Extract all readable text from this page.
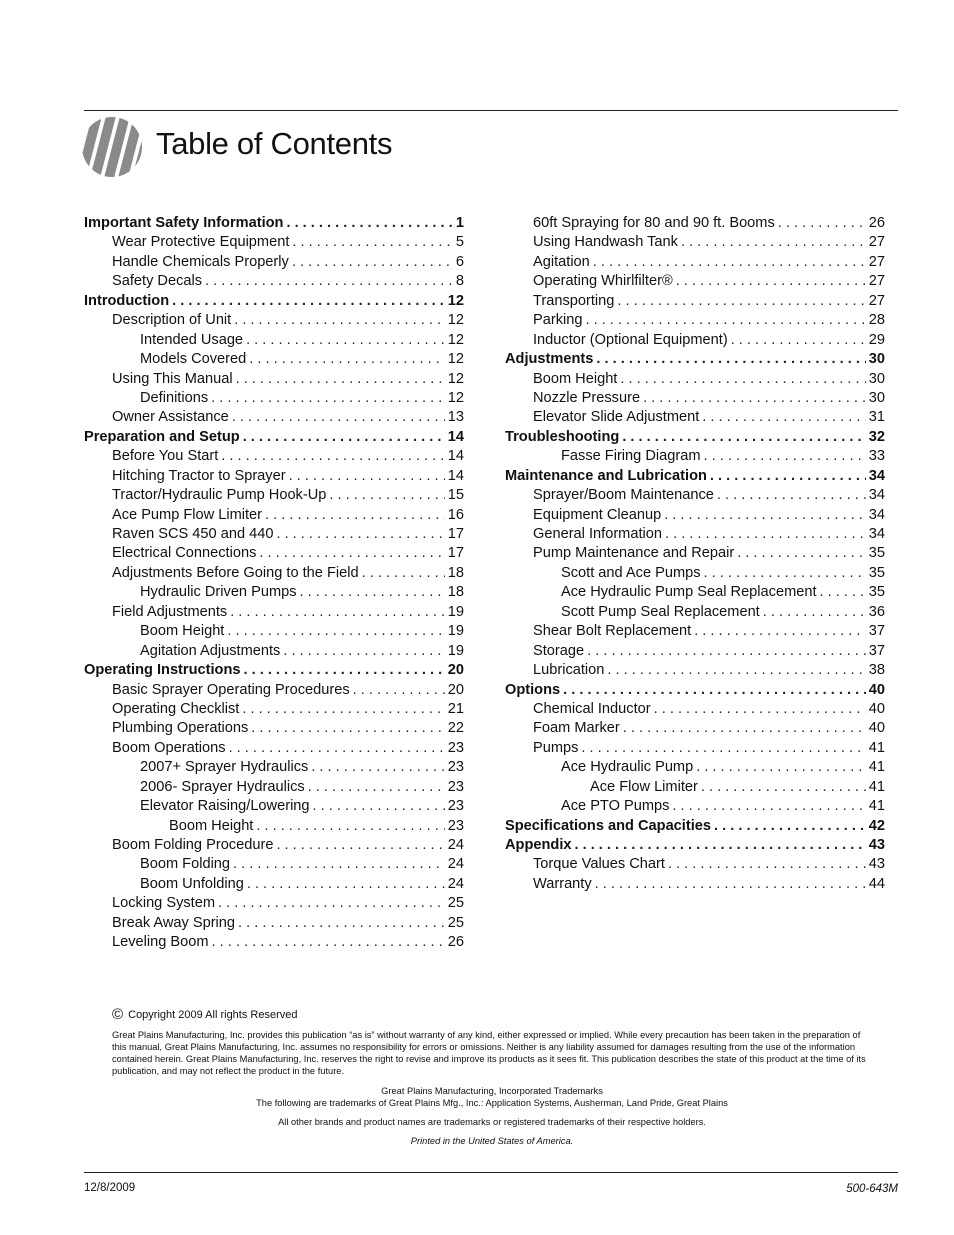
Table of Contents
Important Safety Information . . .	1
Wear Protective Equipment . . .	5
Handle Chemicals Properly . . .	6
Safety Decals . . .	8
Introduction . . .	12
Description of Unit . . .	12
Intended Usage . . .	12
Models Covered . . .	12
Using This Manual . . .	12
Definitions . . .	12
Owner Assistance . . .	13
Preparation and Setup . . .	14
Before You Start . . .	14
Hitching Tractor to Sprayer . . .	14
Tractor/Hydraulic Pump Hook-Up . . .	15
Ace Pump Flow Limiter . . .	16
Raven SCS 450 and 440 . . .	17
Electrical Connections . . .	17
Adjustments Before Going to the Field . . .	18
Hydraulic Driven Pumps . . .	18
Field Adjustments . . .	19
Boom Height . . .	19
Agitation Adjustments . . .	19
Operating Instructions . . .	20
Basic Sprayer Operating Procedures . . .	20
Operating Checklist . . .	21
Plumbing Operations . . .	22
Boom Operations . . .	23
2007+ Sprayer Hydraulics . . .	23
2006- Sprayer Hydraulics . . .	23
Elevator Raising/Lowering . . .	23
Boom Height . . .	23
Boom Folding Procedure . . .	24
Boom Folding . . .	24
Boom Unfolding . . .	24
Locking System . . .	25
Break Away Spring . . .	25
Leveling Boom . . .	26
60ft Spraying for 80 and 90 ft. Booms . . .	26
Using Handwash Tank . . .	27
Agitation . . .	27
Operating Whirlfilter® . . .	27
Transporting . . .	27
Parking . . .	28
Inductor (Optional Equipment) . . .	29
Adjustments . . .	30
Boom Height . . .	30
Nozzle Pressure . . .	30
Elevator Slide Adjustment . . .	31
Troubleshooting . . .	32
Fasse Firing Diagram . . .	33
Maintenance and Lubrication . . .	34
Sprayer/Boom Maintenance . . .	34
Equipment Cleanup . . .	34
General Information . . .	34
Pump Maintenance and Repair . . .	35
Scott and Ace Pumps . . .	35
Ace Hydraulic Pump Seal Replacement . . .	35
Scott Pump Seal Replacement . . .	36
Shear Bolt Replacement . . .	37
Storage . . .	37
Lubrication . . .	38
Options . . .	40
Chemical Inductor . . .	40
Foam Marker . . .	40
Pumps . . .	41
Ace Hydraulic Pump . . .	41
Ace Flow Limiter . . .	41
Ace PTO Pumps . . .	41
Specifications and Capacities . . .	42
Appendix . . .	43
Torque Values Chart . . .	43
Warranty . . .	44
© Copyright 2009 All rights Reserved
Great Plains Manufacturing, Inc. provides this publication “as is” without warranty of any kind, either expressed or implied. While every precaution has been taken in the preparation of this manual, Great Plains Manufacturing, Inc. assumes no responsibility for errors or omissions. Neither is any liability assumed for damages resulting from the use of the information contained herein. Great Plains Manufacturing, Inc. reserves the right to revise and improve its products as it sees fit. This publication describes the state of this product at the time of its publication, and may not reflect the product in the future.
Great Plains Manufacturing, Incorporated Trademarks
The following are trademarks of Great Plains Mfg., Inc.: Application Systems, Ausherman, Land Pride, Great Plains
All other brands and product names are trademarks or registered trademarks of their respective holders.
Printed in the United States of America.
12/8/2009	500-643M
